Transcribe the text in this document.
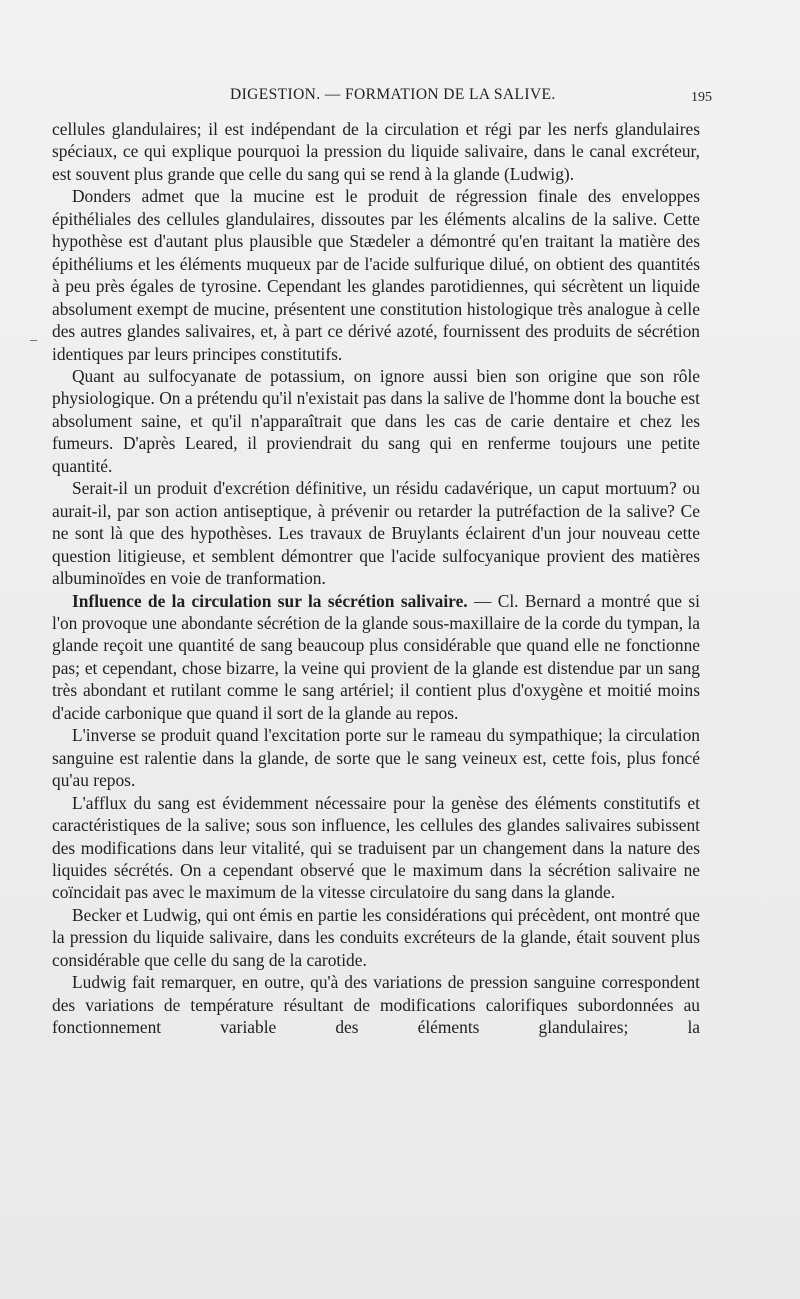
DIGESTION. — FORMATION DE LA SALIVE.	195

cellules glandulaires; il est indépendant de la circulation et régi par les nerfs glandulaires spéciaux, ce qui explique pourquoi la pression du liquide salivaire, dans le canal excréteur, est souvent plus grande que celle du sang qui se rend à la glande (Ludwig).

Donders admet que la mucine est le produit de régression finale des enveloppes épithéliales des cellules glandulaires, dissoutes par les éléments alcalins de la salive. Cette hypothèse est d'autant plus plausible que Stædeler a démontré qu'en traitant la matière des épithéliums et les éléments muqueux par de l'acide sulfurique dilué, on obtient des quantités à peu près égales de tyrosine. Cependant les glandes parotidiennes, qui sécrètent un liquide absolument exempt de mucine, présentent une constitution histologique très analogue à celle des autres glandes salivaires, et, à part ce dérivé azoté, fournissent des produits de sécrétion identiques par leurs principes constitutifs.

Quant au sulfocyanate de potassium, on ignore aussi bien son origine que son rôle physiologique. On a prétendu qu'il n'existait pas dans la salive de l'homme dont la bouche est absolument saine, et qu'il n'apparaîtrait que dans les cas de carie dentaire et chez les fumeurs. D'après Leared, il proviendrait du sang qui en renferme toujours une petite quantité.

Serait-il un produit d'excrétion définitive, un résidu cadavérique, un caput mortuum? ou aurait-il, par son action antiseptique, à prévenir ou retarder la putréfaction de la salive? Ce ne sont là que des hypothèses. Les travaux de Bruylants éclairent d'un jour nouveau cette question litigieuse, et semblent démontrer que l'acide sulfocyanique provient des matières albuminoïdes en voie de tranformation.

Influence de la circulation sur la sécrétion salivaire. — Cl. Bernard a montré que si l'on provoque une abondante sécrétion de la glande sous-maxillaire de la corde du tympan, la glande reçoit une quantité de sang beaucoup plus considérable que quand elle ne fonctionne pas; et cependant, chose bizarre, la veine qui provient de la glande est distendue par un sang très abondant et rutilant comme le sang artériel; il contient plus d'oxygène et moitié moins d'acide carbonique que quand il sort de la glande au repos.

L'inverse se produit quand l'excitation porte sur le rameau du sympathique; la circulation sanguine est ralentie dans la glande, de sorte que le sang veineux est, cette fois, plus foncé qu'au repos.

L'afflux du sang est évidemment nécessaire pour la genèse des éléments constitutifs et caractéristiques de la salive; sous son influence, les cellules des glandes salivaires subissent des modifications dans leur vitalité, qui se traduisent par un changement dans la nature des liquides sécrétés. On a cependant observé que le maximum dans la sécrétion salivaire ne coïncidait pas avec le maximum de la vitesse circulatoire du sang dans la glande.

Becker et Ludwig, qui ont émis en partie les considérations qui précèdent, ont montré que la pression du liquide salivaire, dans les conduits excréteurs de la glande, était souvent plus considérable que celle du sang de la carotide.

Ludwig fait remarquer, en outre, qu'à des variations de pression sanguine correspondent des variations de température résultant de modifications calorifiques subordonnées au fonctionnement variable des éléments glandulaires; la
